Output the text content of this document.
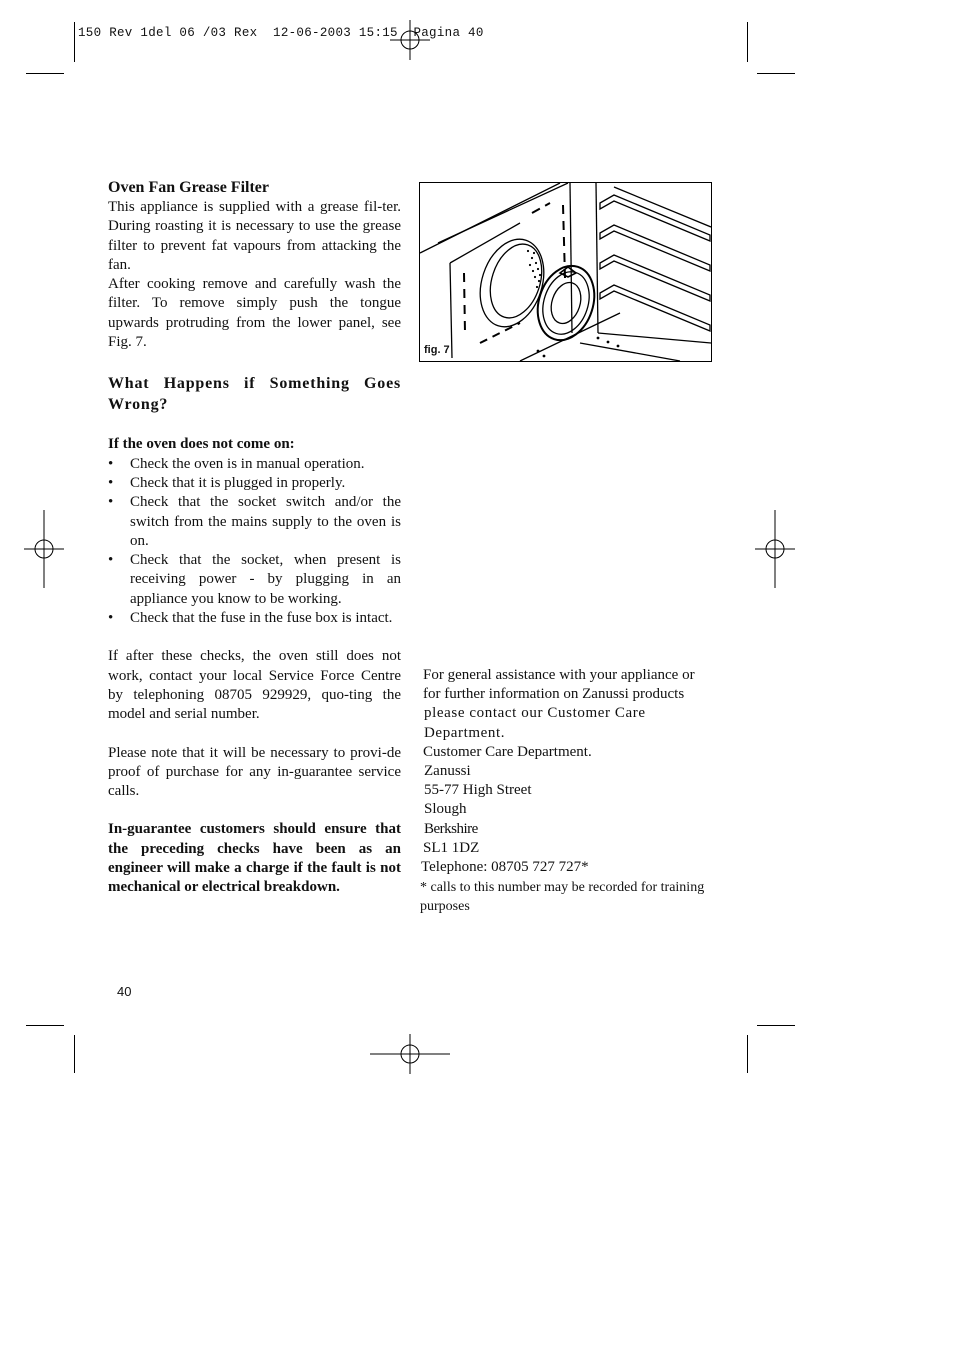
150 Rev 1del 06 /03 Rex  12-06-2003 15:15  Pagina 40
Oven Fan Grease Filter

This appliance is supplied with a grease fil-ter. During roasting it is necessary to use the grease filter to prevent fat vapours from attacking the fan.

After cooking remove and carefully wash the filter. To remove simply push the tongue upwards protruding from the lower panel, see Fig. 7.

What Happens if Something Goes Wrong?

If the oven does not come on:

• Check the oven is in manual operation.
• Check that it is plugged in properly.
• Check that the socket switch and/or the switch from the mains supply to the oven is on.
• Check that the socket, when present is receiving power - by plugging in an appliance you know to be working.
• Check that the fuse in the fuse box is intact.

If after these checks, the oven still does not work, contact your local Service Force Centre by telephoning 08705 929929, quo-ting the model and serial number.

Please note that it will be necessary to provi-de proof of purchase for any in-guarantee service calls.

In-guarantee customers should ensure that the preceding checks have been as an engineer will make a charge if the fault is not mechanical or electrical breakdown.

fig. 7
For general assistance with your appliance or
for further information on Zanussi products
please contact our Customer Care
Department.
Customer Care Department.
Zanussi
55-77 High Street
Slough
Berkshire
SL1 1DZ
Telephone: 08705 727 727*
* calls to this number may be recorded for training
purposes
40
